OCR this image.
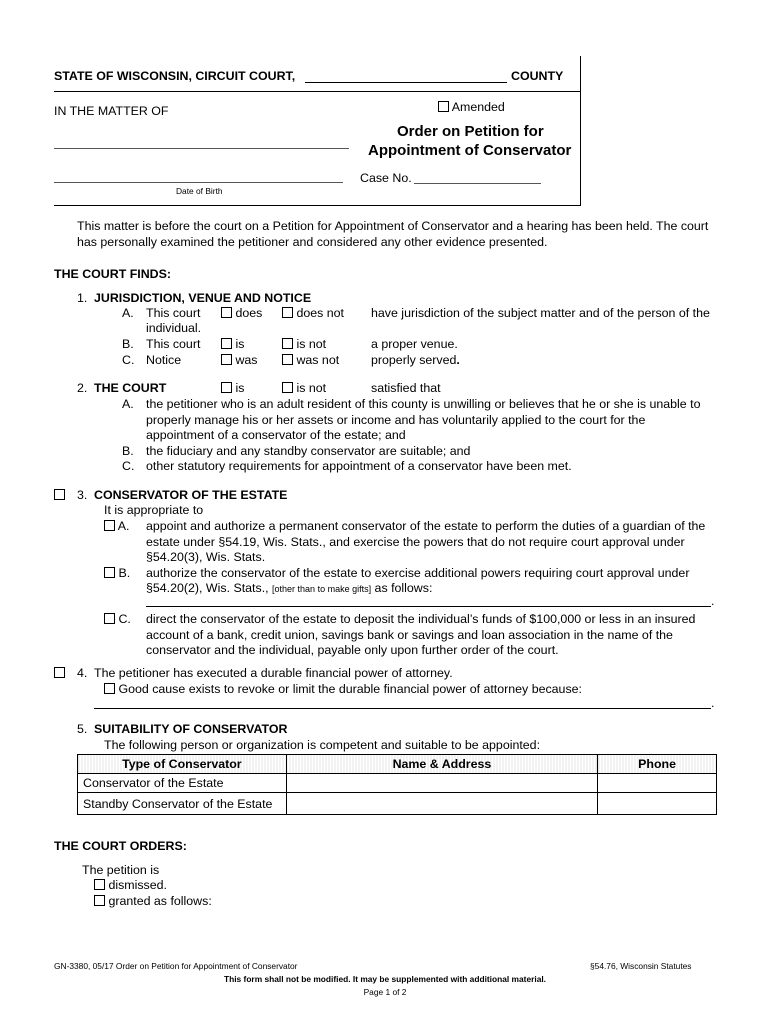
STATE OF WISCONSIN, CIRCUIT COURT,	COUNTY
IN THE MATTER OF	Amended
Order on Petition for
Appointment of Conservator
Date of Birth
Case No.
This matter is before the court on a Petition for Appointment of Conservator and a hearing has been held. The court
has personally examined the petitioner and considered any other evidence presented.
THE COURT FINDS:
1. JURISDICTION, VENUE AND NOTICE
A. This court	does	does not have jurisdiction of the subject matter and of the person of the
individual.
B. This court	is	is not	a proper venue.
C. Notice	was	was not	properly served.
2. THE COURT	is	is not	satisfied that
A. the petitioner who is an adult resident of this county is unwilling or believes that he or she is unable to
properly manage his or her assets or income and has voluntarily applied to the court for the
appointment of a conservator of the estate; and
B. the fiduciary and any standby conservator are suitable; and
C. other statutory requirements for appointment of a conservator have been met.
3. CONSERVATOR OF THE ESTATE
It is appropriate to
A. appoint and authorize a permanent conservator of the estate to perform the duties of a guardian of the
estate under §54.19, Wis. Stats., and exercise the powers that do not require court approval under
§54.20(3), Wis. Stats.
B. authorize the conservator of the estate to exercise additional powers requiring court approval under
§54.20(2), Wis. Stats., [other than to make gifts] as follows:
.
C. direct the conservator of the estate to deposit the individual’s funds of $100,000 or less in an insured
account of a bank, credit union, savings bank or savings and loan association in the name of the
conservator and the individual, payable only upon further order of the court.
4. The petitioner has executed a durable financial power of attorney.
Good cause exists to revoke or limit the durable financial power of attorney because:
.
5. SUITABILITY OF CONSERVATOR
The following person or organization is competent and suitable to be appointed:
Type of Conservator	Name & Address	Phone
Conservator of the Estate		
Standby Conservator of the Estate		
THE COURT ORDERS:
The petition is
dismissed.
granted as follows:
GN-3380, 05/17 Order on Petition for Appointment of Conservator	§54.76, Wisconsin Statutes
This form shall not be modified. It may be supplemented with additional material.
Page 1 of 2
